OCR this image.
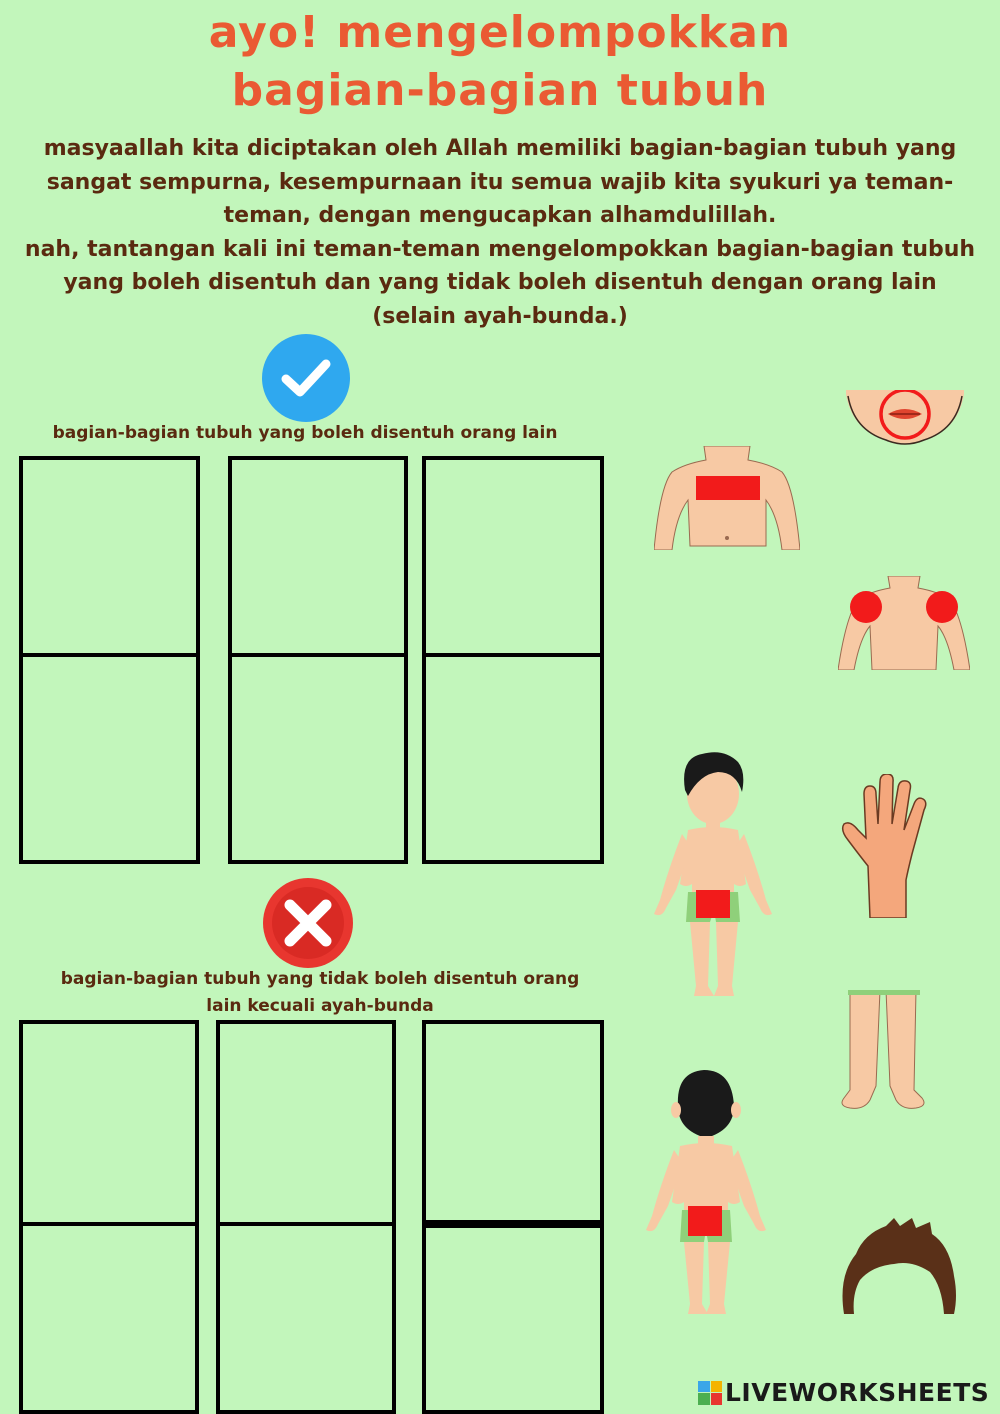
ayo! mengelompokkan
bagian-bagian tubuh

masyaallah kita diciptakan oleh Allah memiliki bagian-bagian tubuh yang sangat sempurna, kesempurnaan itu semua wajib kita syukuri ya teman-teman, dengan mengucapkan alhamdulillah.

nah, tantangan kali ini teman-teman mengelompokkan bagian-bagian tubuh yang boleh disentuh dan yang tidak boleh disentuh dengan orang lain (selain ayah-bunda.)

bagian-bagian tubuh yang boleh disentuh orang lain
bagian-bagian tubuh yang tidak boleh disentuh orang
lain kecuali ayah-bunda
LIVEWORKSHEETS
